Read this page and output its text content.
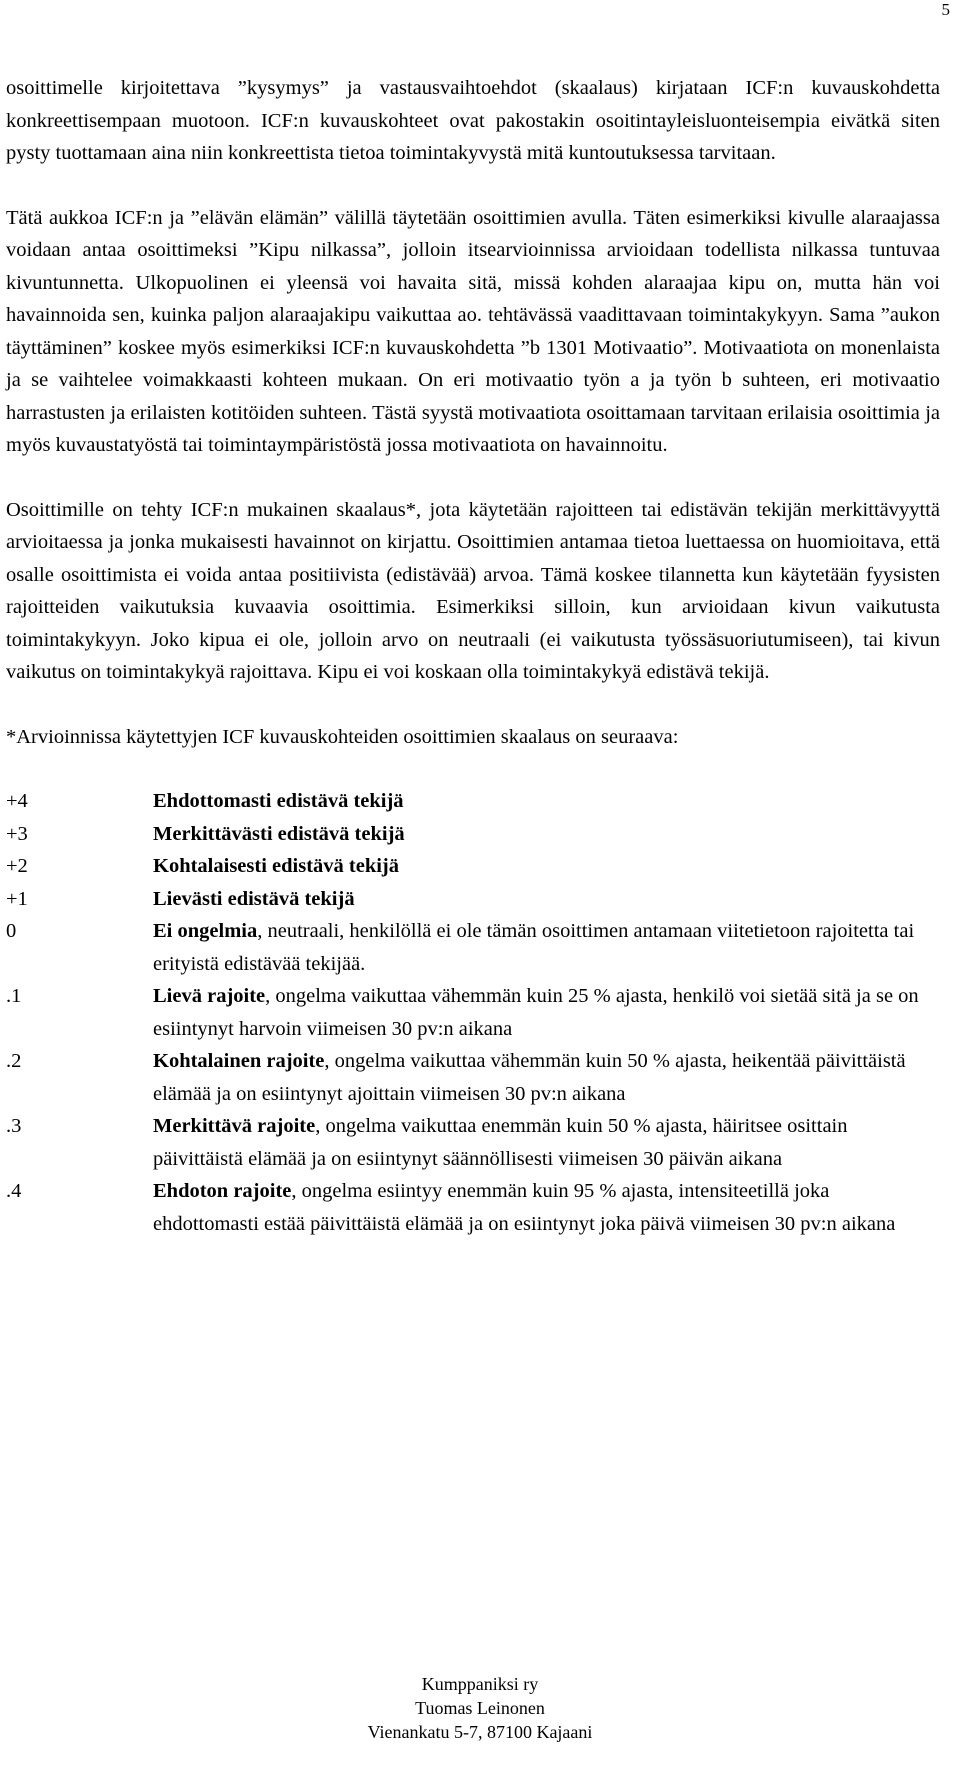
5

osoittimelle kirjoitettava ”kysymys” ja vastausvaihtoehdot (skaalaus) kirjataan ICF:n kuvauskohdetta konkreettisempaan muotoon. ICF:n kuvauskohteet ovat pakostakin osoitintayleisluonteisempia eivätkä siten pysty tuottamaan aina niin konkreettista tietoa toimintakyvystä mitä kuntoutuksessa tarvitaan.

Tätä aukkoa ICF:n ja ”elävän elämän” välillä täytetään osoittimien avulla. Täten esimerkiksi kivulle alaraajassa voidaan antaa osoittimeksi ”Kipu nilkassa”, jolloin itsearvioinnissa arvioidaan todellista nilkassa tuntuvaa kivuntunnetta. Ulkopuolinen ei yleensä voi havaita sitä, missä kohden alaraajaa kipu on, mutta hän voi havainnoida sen, kuinka paljon alaraajakipu vaikuttaa ao. tehtävässä vaadittavaan toimintakykyyn. Sama ”aukon täyttäminen” koskee myös esimerkiksi ICF:n kuvauskohdetta ”b 1301 Motivaatio”. Motivaatiota on monenlaista ja se vaihtelee voimakkaasti kohteen mukaan. On eri motivaatio työn a ja työn b suhteen, eri motivaatio harrastusten ja erilaisten kotitöiden suhteen. Tästä syystä motivaatiota osoittamaan tarvitaan erilaisia osoittimia ja myös kuvaustatyöstä tai toimintaympäristöstä jossa motivaatiota on havainnoitu.

Osoittimille on tehty ICF:n mukainen skaalaus*, jota käytetään rajoitteen tai edistävän tekijän merkittävyyttä arvioitaessa ja jonka mukaisesti havainnot on kirjattu. Osoittimien antamaa tietoa luettaessa on huomioitava, että osalle osoittimista ei voida antaa positiivista (edistävää) arvoa. Tämä koskee tilannetta kun käytetään fyysisten rajoitteiden vaikutuksia kuvaavia osoittimia. Esimerkiksi silloin, kun arvioidaan kivun vaikutusta toimintakykyyn. Joko kipua ei ole, jolloin arvo on neutraali (ei vaikutusta työssäsuoriutumiseen), tai kivun vaikutus on toimintakykyä rajoittava. Kipu ei voi koskaan olla toimintakykyä edistävä tekijä.

*Arvioinnissa käytettyjen ICF kuvauskohteiden osoittimien skaalaus on seuraava:

+4	Ehdottomasti edistävä tekijä
+3	Merkittävästi edistävä tekijä
+2	Kohtalaisesti edistävä tekijä
+1	Lievästi edistävä tekijä
0	Ei ongelmia, neutraali, henkilöllä ei ole tämän osoittimen antamaan viitetietoon rajoitetta tai erityistä edistävää tekijää.
.1	Lievä rajoite, ongelma vaikuttaa vähemmän kuin 25 % ajasta, henkilö voi sietää sitä ja se on esiintynyt harvoin viimeisen 30 pv:n aikana
.2	Kohtalainen rajoite, ongelma vaikuttaa vähemmän kuin 50 % ajasta, heikentää päivittäistä elämää ja on esiintynyt ajoittain viimeisen 30 pv:n aikana
.3	Merkittävä rajoite, ongelma vaikuttaa enemmän kuin 50 % ajasta, häiritsee osittain päivittäistä elämää ja on esiintynyt säännöllisesti viimeisen 30 päivän aikana
.4	Ehdoton rajoite, ongelma esiintyy enemmän kuin 95 % ajasta, intensiteetillä joka ehdottomasti estää päivittäistä elämää ja on esiintynyt joka päivä viimeisen 30 pv:n aikana
Kumppaniksi ry
Tuomas Leinonen
Vienankatu 5-7, 87100 Kajaani
